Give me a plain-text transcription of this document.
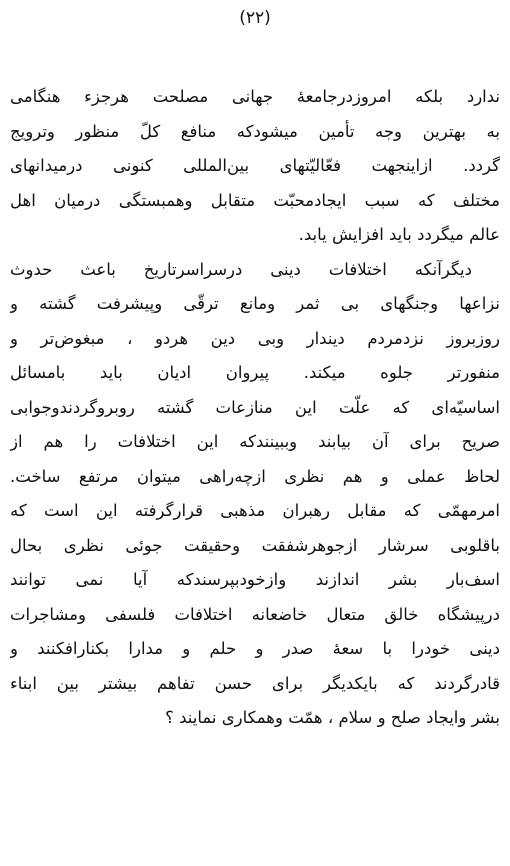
(۲۲)
ندارد بلکه امروزدرجامعهٔ جهانی مصلحت هرجزء هنگامی
به بهترین وجه تأمین میشودکه منافع کلّ منظور وترویج
گردد. ازاینجهت فعّالیّتهای بین‌المللی کنونی درمیدانهای
مختلف که سبب ایجادمحبّت متقابل وهمبستگی درمیان اهل
عالم میگردد باید افزایش یابد.
دیگرآنکه اختلافات دینی درسراسرتاریخ باعث حدوث
نزاعها وجنگهای بی ثمر ومانع ترقّی وپیشرفت گشته و
روزبروز نزدمردم دیندار وبی دین هردو ، مبغوض‌تر و
منفورتر جلوه میکند. پیروان ادیان باید بامسائل
اساسیّه‌ای که علّت این منازعات گشته روبروگردندوجوابی
صریح برای آن بیابند وببینندکه این اختلافات را هم از
لحاظ عملی و هم نظری ازچه‌راهی میتوان مرتفع ساخت.
امرمهمّی که مقابل رهبران مذهبی قرارگرفته این است که
باقلوبی سرشار ازجوهرشفقت وحقیقت جوئی نظری بحال
اسف‌بار بشر اندازند وازخودبپرسندکه آیا نمی توانند
درپیشگاه خالق متعال خاضعانه اختلافات فلسفی ومشاجرات
دینی خودرا با سعهٔ صدر و حلم و مدارا بکنارافکنند و
قادرگردند که بایکدیگر برای حسن تفاهم بیشتر بین ابناء
بشر وایجاد صلح و سلام ، همّت وهمکاری نمایند ؟
